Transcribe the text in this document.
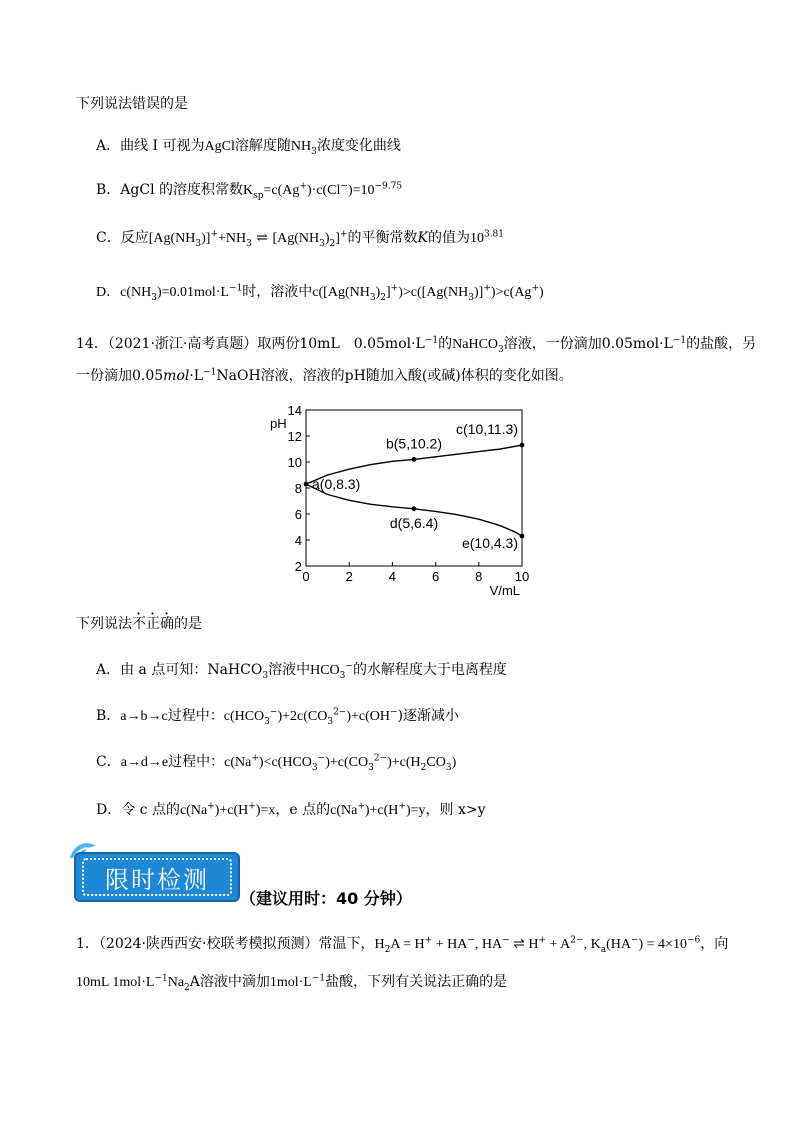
下列说法错误的是
A．曲线 I 可视为AgCl溶解度随$NH_3$浓度变化曲线
B．AgCl 的溶度积常数$K_{sp}=c(Ag^+)\cdot c(Cl^-)=10^{-9.75}$
C．反应$[Ag(NH_3)]^++NH_3$ ⇌ $[Ag(NH_3)_2]^+$的平衡常数K的值为$10^{3.81}$
D．$c(NH_3)=0.01mol\cdot L^{-1}$时，溶液中$c([Ag(NH_3)_2]^+)>c([Ag(NH_3)]^+)>c(Ag^+)$
14．（2021·浙江·高考真题）取两份10mL　$0.05mol\cdot L^{-1}$的NaHCO$_3$溶液，一份滴加$0.05mol\cdot L^{-1}$的盐酸，另
一份滴加$0.05mol\cdot L^{-1}NaOH$溶液，溶液的pH随加入酸(或碱)体积的变化如图。
2
4
6
8
10
12
14
0	2	4	6	8 10
pH
V/mL
a(0,8.3)
b(5,10.2)
c(10,11.3)
d(5,6.4)
e(10,4.3)
下列说法不正确的是
A．由 a 点可知：NaHCO$_3$溶液中$HCO_3^-$的水解程度大于电离程度
B．a→b→c过程中：$c(HCO_3^-)+2c(CO_3^{2-})+c(OH^-)$逐渐减小
C．a→d→e过程中：$c(Na^+)<c(HCO_3^-)+c(CO_3^{2-})+c(H_2CO_3)$
D．令 c 点的c(Na+)+c(H+)=x，e 点的c(Na+)+c(H+)=y，则 x>y
限时检测
（建议用时：40 分钟）
1．（2024·陕西西安·校联考模拟预测）常温下，$H_2A = H^+ + HA^-$, HA− ⇌ $H^+ + A^{2-}$, $K_a(HA^-) = 4\times 10^{-6}$，向
10mL $1mol\cdot L^{-1}Na_2A$溶液中滴加$1mol\cdot L^{-1}$盐酸，下列有关说法正确的是
